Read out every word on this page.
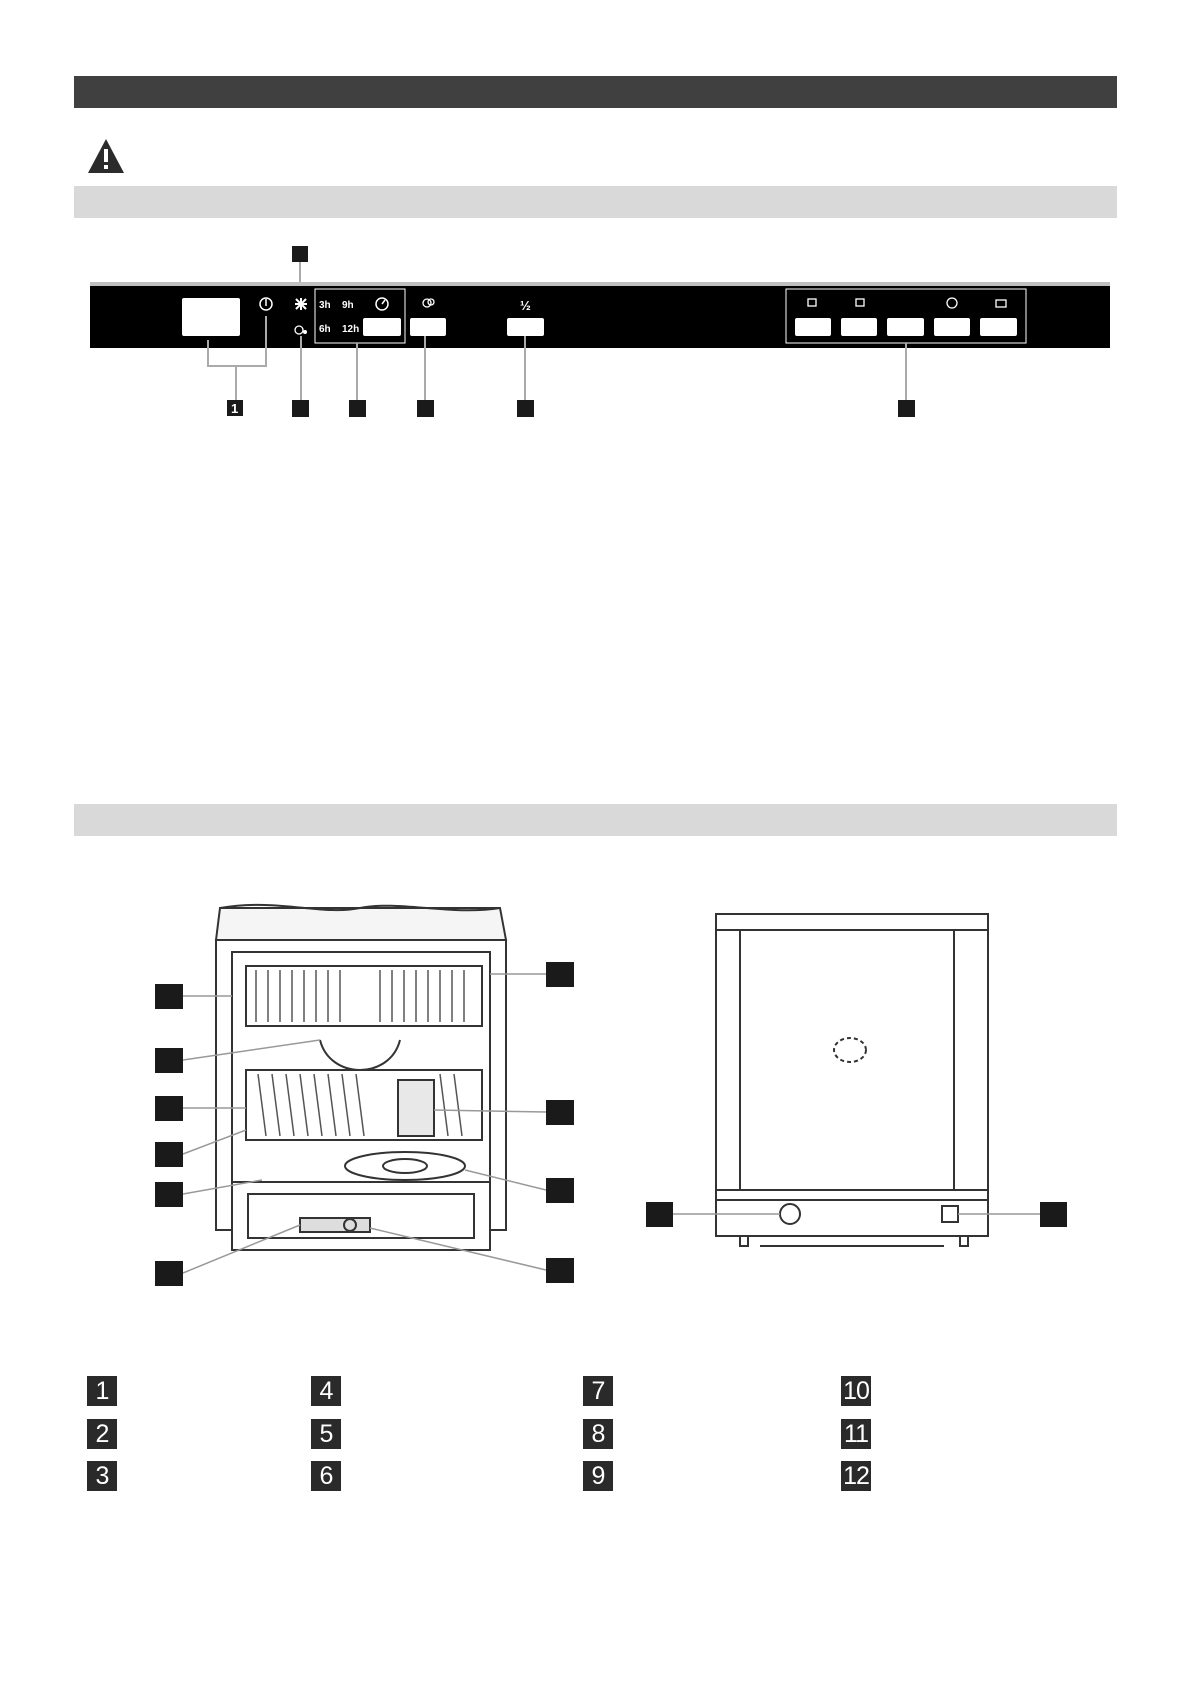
3h 9h
6h 12h
½
1
1
2
3
4
5
6
7
8
9
10
11
12
